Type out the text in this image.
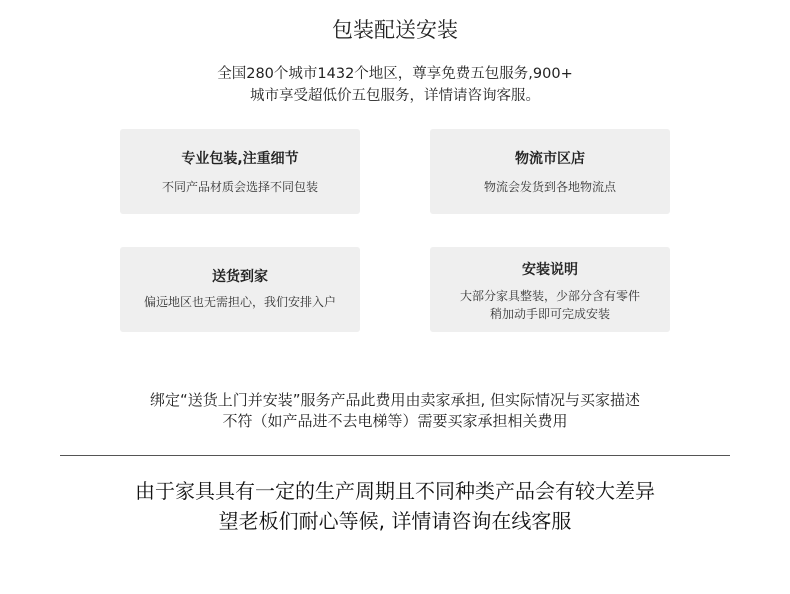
包装配送安装
全国280个城市1432个地区，尊享免费五包服务,900+
城市享受超低价五包服务，详情请咨询客服。
专业包装,注重细节
不同产品材质会选择不同包装
物流市区店
物流会发货到各地物流点
送货到家
偏远地区也无需担心，我们安排入户
安装说明
大部分家具整装，少部分含有零件
稍加动手即可完成安装
绑定“送货上门并安装”服务产品此费用由卖家承担, 但实际情况与买家描述
不符（如产品进不去电梯等）需要买家承担相关费用
由于家具具有一定的生产周期且不同种类产品会有较大差异
望老板们耐心等候, 详情请咨询在线客服
